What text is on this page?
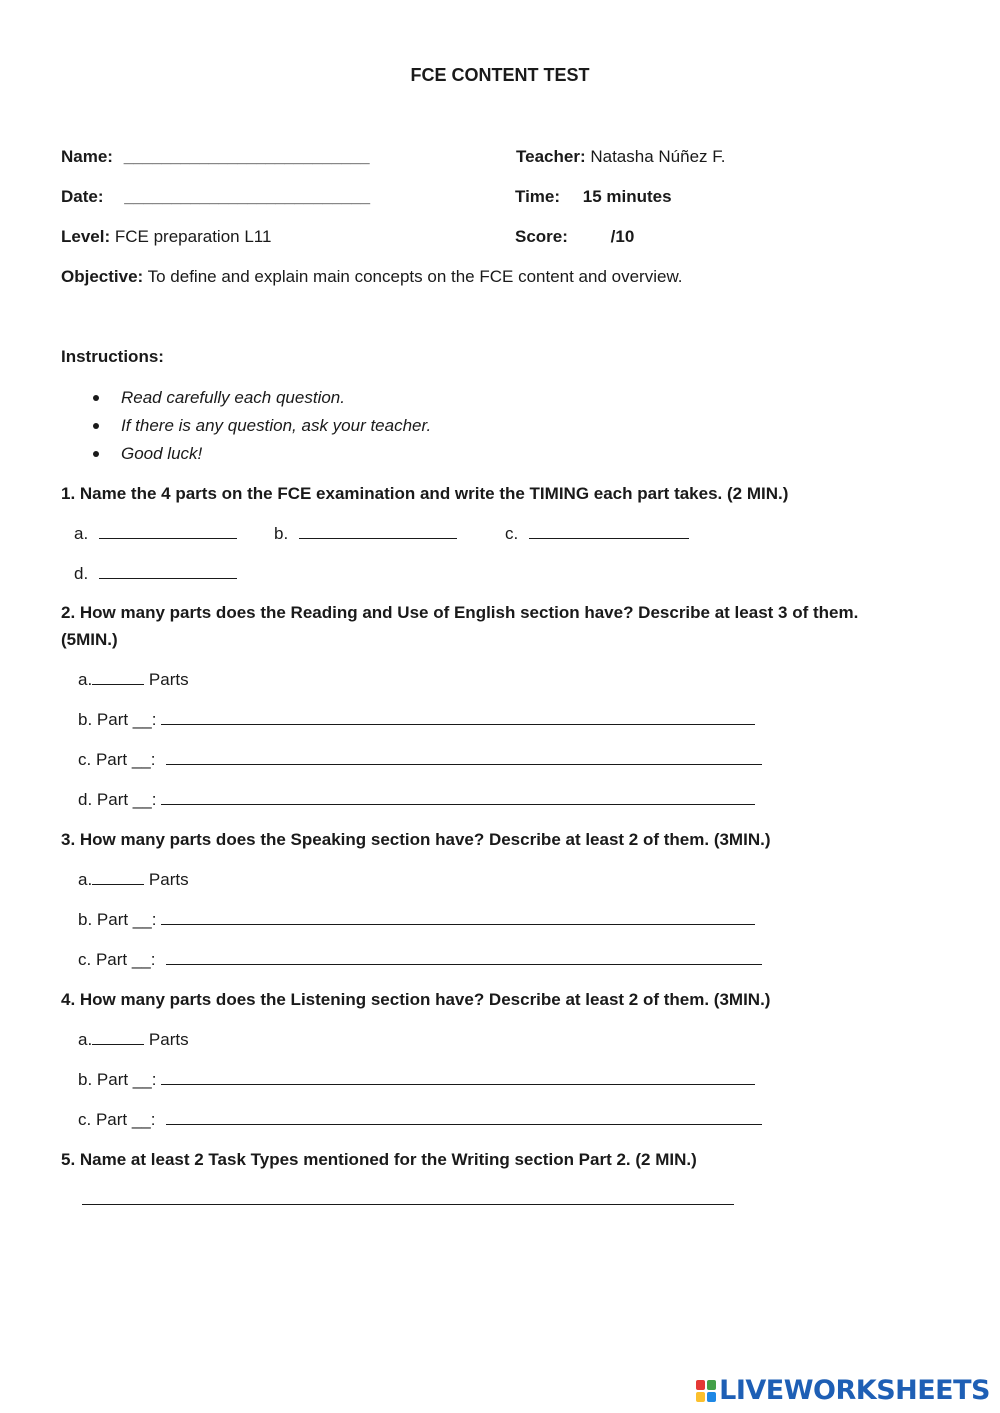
FCE CONTENT TEST
Name: __________________________
Date: __________________________
Level: FCE preparation L11
Objective: To define and explain main concepts on the FCE content and overview.
Teacher: Natasha Núñez F.
Time: 15 minutes
Score:	/10
Instructions:
Read carefully each question.
If there is any question, ask your teacher.
Good luck!
1. Name the 4 parts on the FCE examination and write the TIMING each part takes. (2 MIN.)
a.	b.	c.
d.
2. How many parts does the Reading and Use of English section have? Describe at least 3 of them.
(5MIN.)
a.	Parts
b. Part __:
c. Part __:
d. Part __:
3. How many parts does the Speaking section have? Describe at least 2 of them. (3MIN.)
a.	Parts
b. Part __:
c. Part __:
4. How many parts does the Listening section have? Describe at least 2 of them. (3MIN.)
a.	Parts
b. Part __:
c. Part __:
5. Name at least 2 Task Types mentioned for the Writing section Part 2. (2 MIN.)
LIVEWORKSHEETS
